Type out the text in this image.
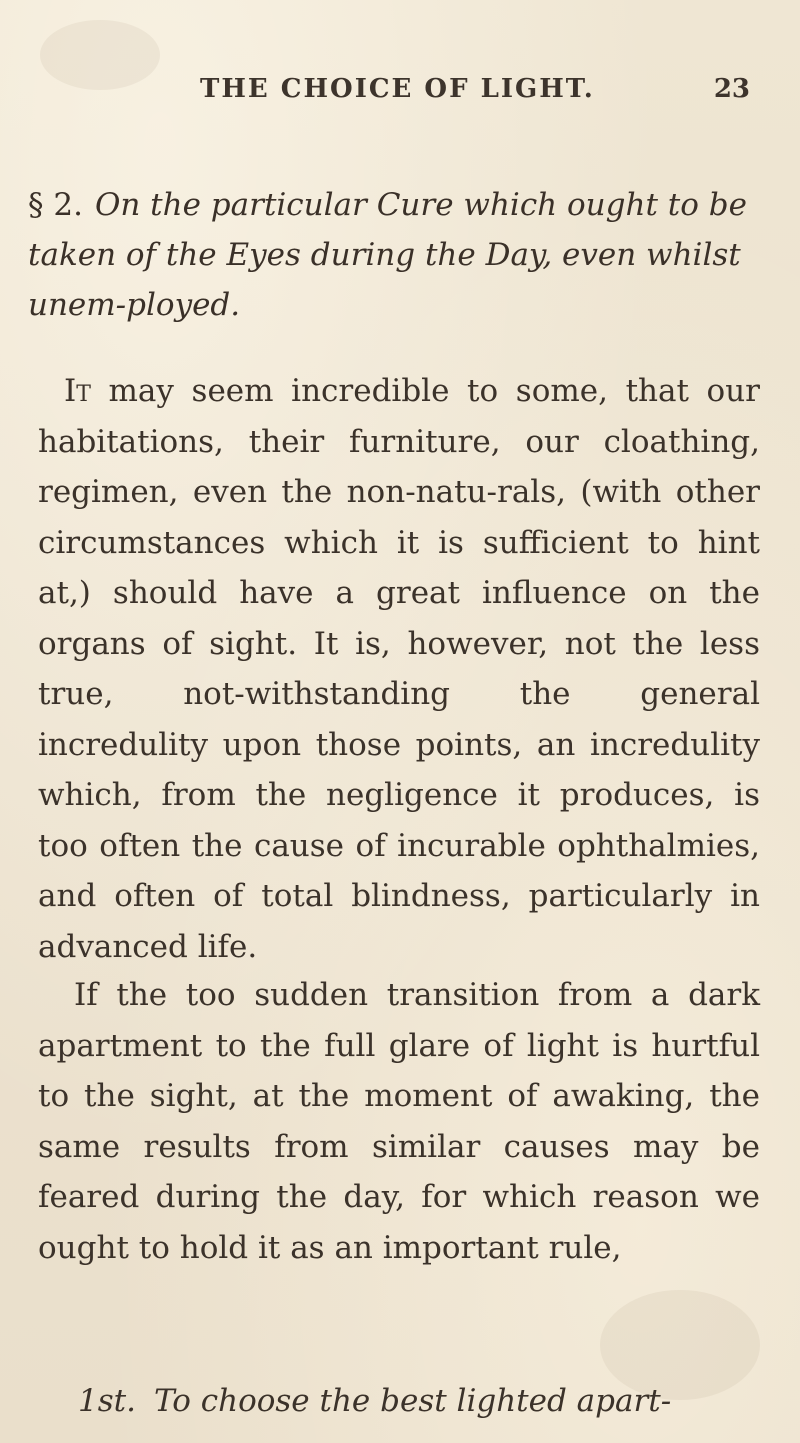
THE CHOICE OF LIGHT.	23
§ 2. On the particular Cure which ought to be taken of the Eyes during the Day, even whilst unem-ployed.

It may seem incredible to some, that our habitations, their furniture, our cloathing, regimen, even the non-natu-rals, (with other circumstances which it is sufficient to hint at,) should have a great influence on the organs of sight. It is, however, not the less true, not-withstanding the general incredulity upon those points, an incredulity which, from the negligence it produces, is too often the cause of incurable ophthalmies, and often of total blindness, particularly in advanced life.

If the too sudden transition from a dark apartment to the full glare of light is hurtful to the sight, at the moment of awaking, the same results from similar causes may be feared during the day, for which reason we ought to hold it as an important rule,

1st. To choose the best lighted apart-
